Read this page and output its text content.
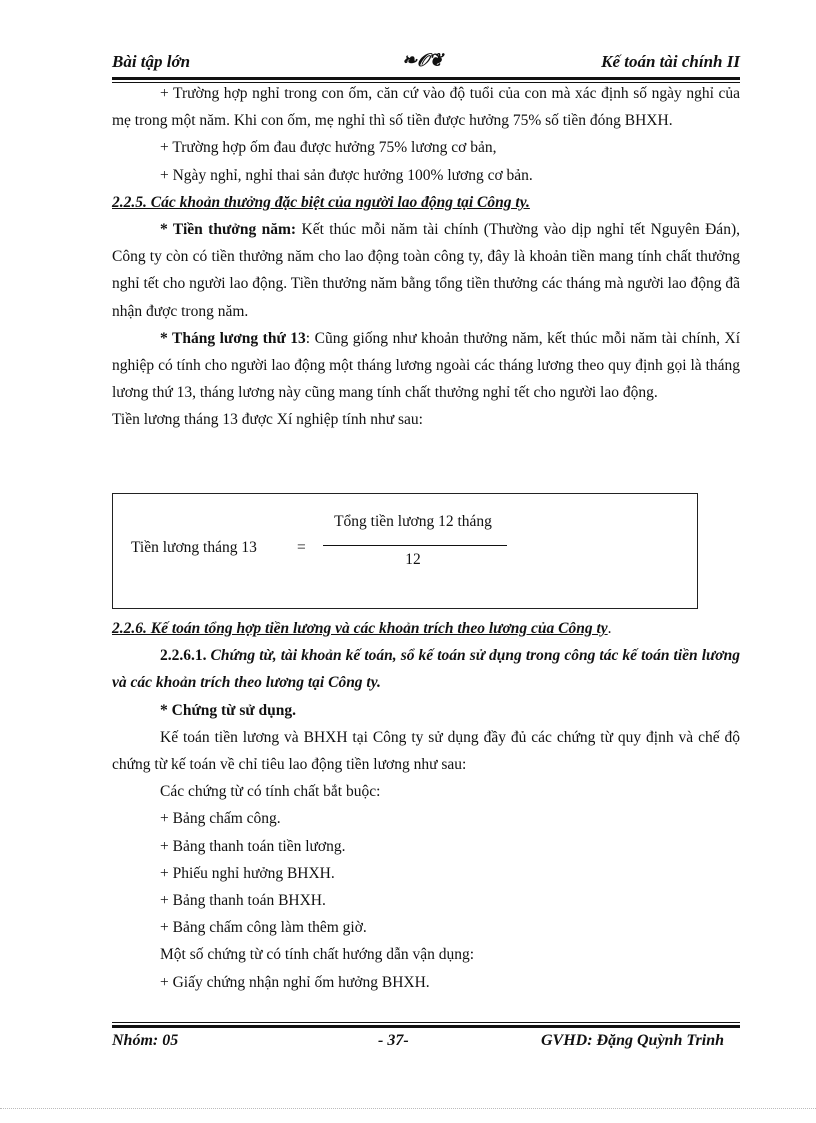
Bài tập lớn	❧𝒪❦	Kế toán tài chính II

+ Trường hợp nghỉ trong con ốm, căn cứ vào độ tuổi của con mà xác định số ngày nghỉ của mẹ trong một năm. Khi con ốm, mẹ nghỉ thì số tiền được hưởng 75% số tiền đóng BHXH.

+ Trường hợp ốm đau được hưởng 75% lương cơ bản,

+ Ngày nghỉ, nghỉ thai sản được hưởng 100% lương cơ bản.

2.2.5. Các khoản thưởng đặc biệt của người lao động tại Công ty.

* Tiền thưởng năm: Kết thúc mỗi năm tài chính (Thường vào dịp nghỉ tết Nguyên Đán), Công ty còn có tiền thưởng năm cho lao động toàn công ty, đây là khoản tiền mang tính chất thưởng nghỉ tết cho người lao động. Tiền thưởng năm bằng tổng tiền thưởng các tháng mà người lao động đã nhận được trong năm.

* Tháng lương thứ 13: Cũng giống như khoản thưởng năm, kết thúc mỗi năm tài chính, Xí nghiệp có tính cho người lao động một tháng lương ngoài các tháng lương theo quy định gọi là tháng lương thứ 13, tháng lương này cũng mang tính chất thưởng nghỉ tết cho người lao động.

Tiền lương tháng 13 được Xí nghiệp tính như sau:

Tiền lương tháng 13	=
Tổng tiền lương 12 tháng
12

2.2.6. Kế toán tổng hợp tiền lương và các khoản trích theo lương của Công ty.

2.2.6.1. Chứng từ, tài khoản kế toán, sổ kế toán sử dụng trong công tác kế toán tiền lương và các khoản trích theo lương tại Công ty.

* Chứng từ sử dụng.

Kế toán tiền lương và BHXH tại Công ty sử dụng đầy đủ các chứng từ quy định và chế độ chứng từ kế toán về chỉ tiêu lao động tiền lương như sau:

Các chứng từ có tính chất bắt buộc:

+ Bảng chấm công.

+ Bảng thanh toán tiền lương.

+ Phiếu nghỉ hưởng BHXH.

+ Bảng thanh toán BHXH.

+ Bảng chấm công làm thêm giờ.

Một số chứng từ có tính chất hướng dẫn vận dụng:

+ Giấy chứng nhận nghỉ ốm hưởng BHXH.

Nhóm: 05	- 37-	GVHD: Đặng Quỳnh Trinh
